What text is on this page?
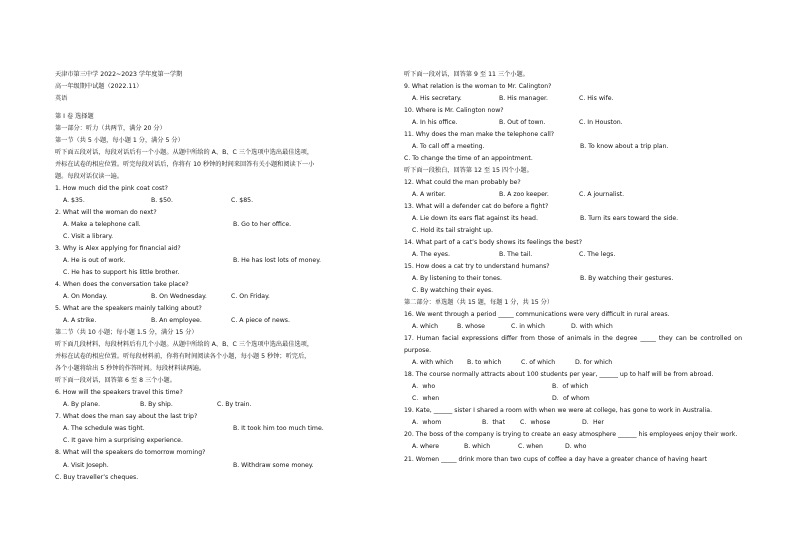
天津市第三中学 2022~2023 学年度第一学期
高一年级期中试题（2022.11）
英语
第 I 卷 选择题
第一部分：听力（共两节，满分 20 分）
第一节（共 5 小题，每小题 1 分，满分 5 分）
听下面五段对话，每段对话后有一个小题。从题中所给的 A、B、C 三个选项中选出最佳选项，
并标在试卷的相应位置。听完每段对话后，你将有 10 秒钟的时间来回答有关小题和阅读下一小
题。每段对话仅读一遍。
1. How much did the pink coat cost?
A. $35.	B. $50.	C. $85.
2. What will the woman do next?
A. Make a telephone call.	B. Go to her office.
C. Visit a library.
3. Why is Alex applying for financial aid?
A. He is out of work.	B. He has lost lots of money.
C. He has to support his little brother.
4. When does the conversation take place?
A. On Monday.	B. On Wednesday.	C. On Friday.
5. What are the speakers mainly talking about?
A. A strike.	B. An employee.	C. A piece of news.
第二节（共 10 小题；每小题 1.5 分，满分 15 分）
听下面几段材料，每段材料后有几个小题。从题中所给的 A、B、C 三个选项中选出最佳选项，
并标在试卷的相应位置。听每段材料前，你将有时间阅读各个小题，每小题 5 秒钟；听完后，
各个小题将给出 5 秒钟的作答时间。每段材料读两遍。
听下面一段对话，回答第 6 至 8 三个小题。
6. How will the speakers travel this time?
A. By plane.	B. By ship.	C. By train.
7. What does the man say about the last trip?
A. The schedule was tight.	B. It took him too much time.
C. It gave him a surprising experience.
8. What will the speakers do tomorrow morning?
A. Visit Joseph.	B. Withdraw some money.
C. Buy traveller’s cheques.
听下面一段对话，回答第 9 至 11 三个小题。
9. What relation is the woman to Mr. Calington?
A. His secretary.	B. His manager.	C. His wife.
10. Where is Mr. Calington now?
A. In his office.	B. Out of town.	C. In Houston.
11. Why does the man make the telephone call?
A. To call off a meeting.	B. To know about a trip plan.
C. To change the time of an appointment.
听下面一段独白，回答第 12 至 15 四个小题。
12. What could the man probably be?
A. A writer.	B. A zoo keeper.	C. A journalist.
13. What will a defender cat do before a fight?
A. Lie down its ears flat against its head.	B. Turn its ears toward the side.
C. Hold its tail straight up.
14. What part of a cat’s body shows its feelings the best?
A. The eyes.	B. The tail.	C. The legs.
15. How does a cat try to understand humans?
A. By listening to their tones.	B. By watching their gestures.
C. By watching their eyes.
第二部分：单选题（共 15 题，每题 1 分，共 15 分）
16. We went through a period _____ communications were very difficult in rural areas.
A. which	B. whose	C. in which	D. with which
17. Human facial expressions differ from those of animals in the degree _____ they can be controlled on purpose.
A. with which	B. to which	C. of which	D. for which
18. The course normally attracts about 100 students per year, ______ up to half will be from abroad.
A．who	B．of which
C．when	D．of whom
19. Kate, ______ sister I shared a room with when we were at college, has gone to work in Australia.
A．whom	B．that	C．whose	D．Her
20. The boss of the company is trying to create an easy atmosphere ______ his employees enjoy their work.
A. where	B. which	C. when	D. who
21. Women _____ drink more than two cups of coffee a day have a greater chance of having heart
